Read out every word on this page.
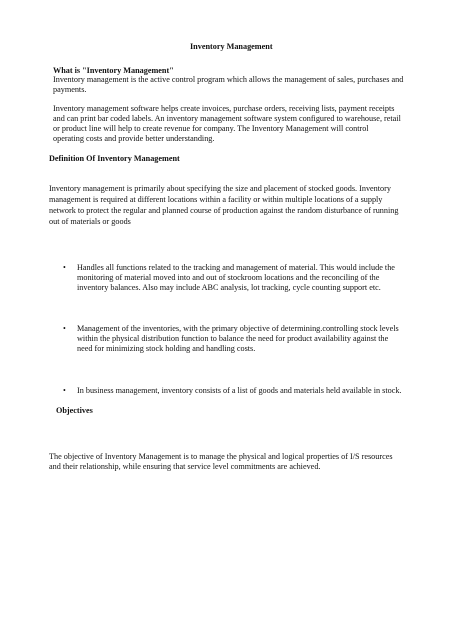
Inventory Management
What is "Inventory Management"
Inventory management is the active control program which allows the management of sales, purchases and
payments.
Inventory management software helps create invoices, purchase orders, receiving lists, payment receipts
and can print bar coded labels. An inventory management software system configured to warehouse, retail
or product line will help to create revenue for company. The Inventory Management will control
operating costs and provide better understanding.
Definition Of Inventory Management
Inventory management is primarily about specifying the size and placement of stocked goods. Inventory
management is required at different locations within a facility or within multiple locations of a supply
network to protect the regular and planned course of production against the random disturbance of running
out of materials or goods
• Handles all functions related to the tracking and management of material. This would include the
monitoring of material moved into and out of stockroom locations and the reconciling of the
inventory balances. Also may include ABC analysis, lot tracking, cycle counting support etc.
• Management of the inventories, with the primary objective of determining.controlling stock levels
within the physical distribution function to balance the need for product availability against the
need for minimizing stock holding and handling costs.
• In business management, inventory consists of a list of goods and materials held available in stock.
Objectives
The objective of Inventory Management is to manage the physical and logical properties of I/S resources
and their relationship, while ensuring that service level commitments are achieved.
